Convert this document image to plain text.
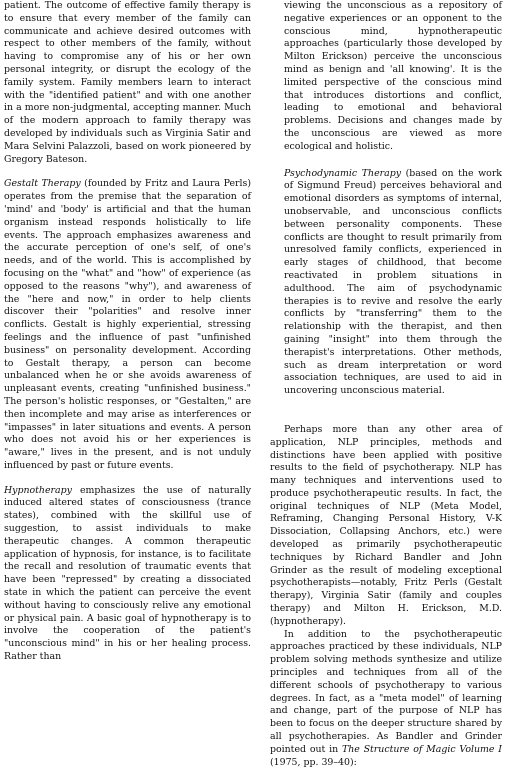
patient. The outcome of effective family therapy is to ensure that every member of the family can communicate and achieve desired outcomes with respect to other members of the family, without having to compromise any of his or her own personal integrity, or disrupt the ecology of the family system. Family members learn to interact with the "identified patient" and with one another in a more non-judgmental, accepting manner. Much of the modern approach to family therapy was developed by individuals such as Virginia Satir and Mara Selvini Palazzoli, based on work pioneered by Gregory Bateson.

Gestalt Therapy (founded by Fritz and Laura Perls) operates from the premise that the separation of 'mind' and 'body' is artificial and that the human organism instead responds holistically to life events. The approach emphasizes awareness and the accurate perception of one's self, of one's needs, and of the world. This is accomplished by focusing on the "what" and "how" of experience (as opposed to the reasons "why"), and awareness of the "here and now," in order to help clients discover their "polarities" and resolve inner conflicts. Gestalt is highly experiential, stressing feelings and the influence of past "unfinished business" on personality development. According to Gestalt therapy, a person can become unbalanced when he or she avoids awareness of unpleasant events, creating "unfinished business." The person's holistic responses, or "Gestalten," are then incomplete and may arise as interferences or "impasses" in later situations and events. A person who does not avoid his or her experiences is "aware," lives in the present, and is not unduly influenced by past or future events.

Hypnotherapy emphasizes the use of naturally induced altered states of consciousness (trance states), combined with the skillful use of suggestion, to assist individuals to make therapeutic changes. A common therapeutic application of hypnosis, for instance, is to facilitate the recall and resolution of traumatic events that have been "repressed" by creating a dissociated state in which the patient can perceive the event without having to consciously relive any emotional or physical pain. A basic goal of hypnotherapy is to involve the cooperation of the patient's "unconscious mind" in his or her healing process. Rather than

viewing the unconscious as a repository of negative experiences or an opponent to the conscious mind, hypnotherapeutic approaches (particularly those developed by Milton Erickson) perceive the unconscious mind as benign and 'all knowing'. It is the limited perspective of the conscious mind that introduces distortions and conflict, leading to emotional and behavioral problems. Decisions and changes made by the unconscious are viewed as more ecological and holistic.

Psychodynamic Therapy (based on the work of Sigmund Freud) perceives behavioral and emotional disorders as symptoms of internal, unobservable, and unconscious conflicts between personality components. These conflicts are thought to result primarily from unresolved family conflicts, experienced in early stages of childhood, that become reactivated in problem situations in adulthood. The aim of psychodynamic therapies is to revive and resolve the early conflicts by "transferring" them to the relationship with the therapist, and then gaining "insight" into them through the therapist's interpretations. Other methods, such as dream interpretation or word association techniques, are used to aid in uncovering unconscious material.

Perhaps more than any other area of application, NLP principles, methods and distinctions have been applied with positive results to the field of psychotherapy. NLP has many techniques and interventions used to produce psychotherapeutic results. In fact, the original techniques of NLP (Meta Model, Reframing, Changing Personal History, V-K Dissociation, Collapsing Anchors, etc.) were developed as primarily psychotherapeutic techniques by Richard Bandler and John Grinder as the result of modeling exceptional psychotherapists—notably, Fritz Perls (Gestalt therapy), Virginia Satir (family and couples therapy) and Milton H. Erickson, M.D. (hypnotherapy).

In addition to the psychotherapeutic approaches practiced by these individuals, NLP problem solving methods synthesize and utilize principles and techniques from all of the different schools of psychotherapy to various degrees. In fact, as a "meta model" of learning and change, part of the purpose of NLP has been to focus on the deeper structure shared by all psychotherapies. As Bandler and Grinder pointed out in The Structure of Magic Volume I (1975, pp. 39–40):
